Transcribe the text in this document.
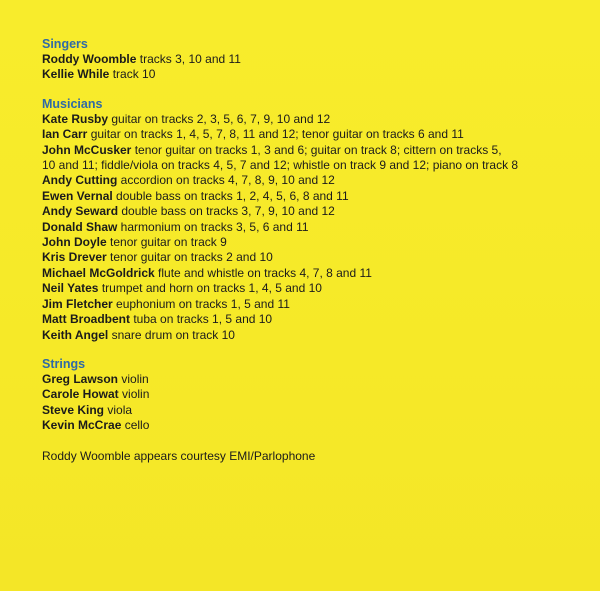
Singers
Roddy Woomble tracks 3, 10 and 11
Kellie While track 10
Musicians
Kate Rusby guitar on tracks 2, 3, 5, 6, 7, 9, 10 and 12
Ian Carr guitar on tracks 1, 4, 5, 7, 8, 11 and 12; tenor guitar on tracks 6 and 11
John McCusker tenor guitar on tracks 1, 3 and 6; guitar on track 8; cittern on tracks 5,
10 and 11; fiddle/viola on tracks 4, 5, 7 and 12; whistle on track 9 and 12; piano on track 8
Andy Cutting accordion on tracks 4, 7, 8, 9, 10 and 12
Ewen Vernal double bass on tracks 1, 2, 4, 5, 6, 8 and 11
Andy Seward double bass on tracks 3, 7, 9, 10 and 12
Donald Shaw harmonium on tracks 3, 5, 6 and 11
John Doyle tenor guitar on track 9
Kris Drever tenor guitar on tracks 2 and 10
Michael McGoldrick flute and whistle on tracks 4, 7, 8 and 11
Neil Yates trumpet and horn on tracks 1, 4, 5 and 10
Jim Fletcher euphonium on tracks 1, 5 and 11
Matt Broadbent tuba on tracks 1, 5 and 10
Keith Angel snare drum on track 10
Strings
Greg Lawson violin
Carole Howat violin
Steve King viola
Kevin McCrae cello
Roddy Woomble appears courtesy EMI/Parlophone
